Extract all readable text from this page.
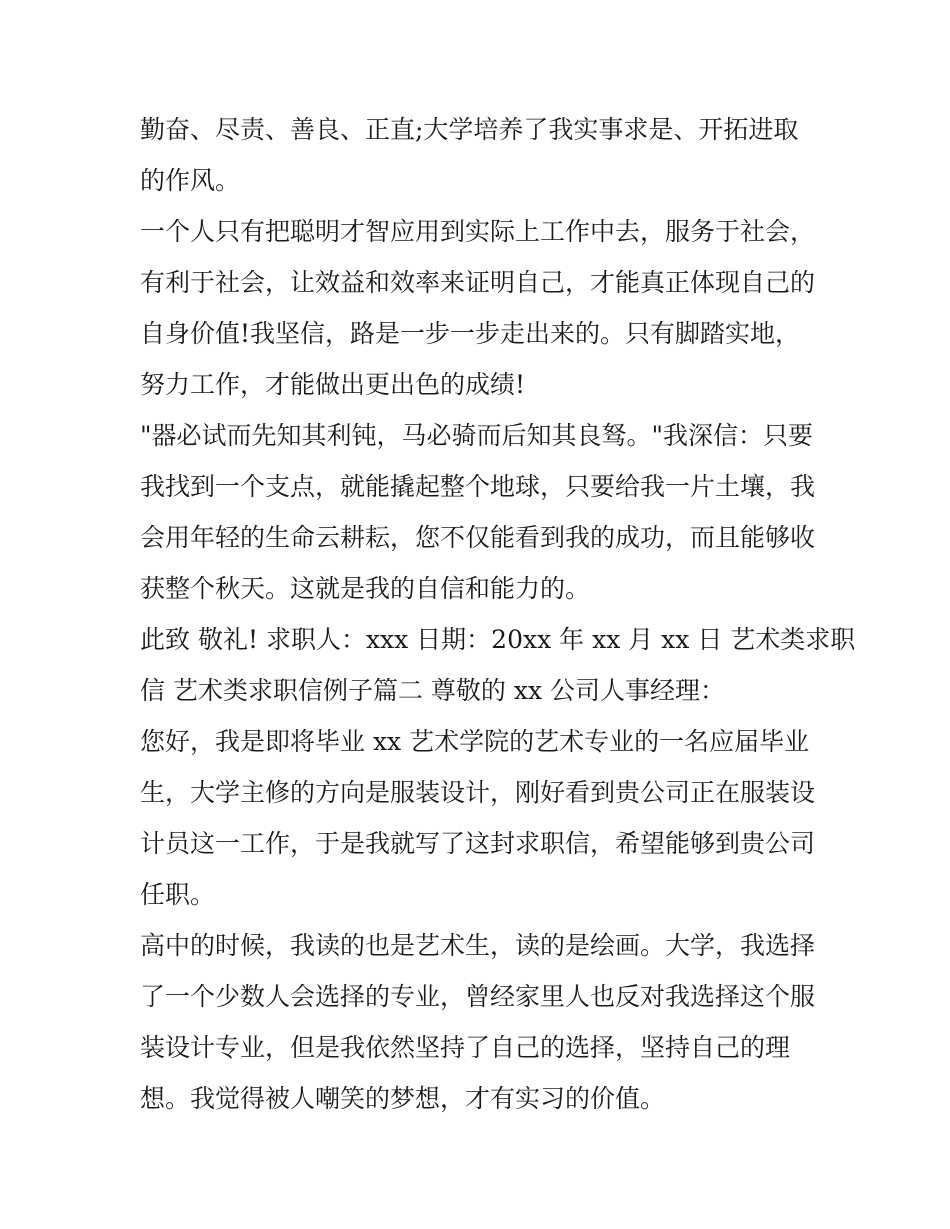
勤奋、尽责、善良、正直;大学培养了我实事求是、开拓进取
的作风。
一个人只有把聪明才智应用到实际上工作中去，服务于社会，
有利于社会，让效益和效率来证明自己，才能真正体现自己的
自身价值!我坚信，路是一步一步走出来的。只有脚踏实地，
努力工作，才能做出更出色的成绩!
"器必试而先知其利钝，马必骑而后知其良驽。"我深信：只要
我找到一个支点，就能撬起整个地球，只要给我一片土壤，我
会用年轻的生命云耕耘，您不仅能看到我的成功，而且能够收
获整个秋天。这就是我的自信和能力的。
此致 敬礼! 求职人：xxx 日期：20xx 年 xx 月 xx 日 艺术类求职
信 艺术类求职信例子篇二 尊敬的 xx 公司人事经理：
您好，我是即将毕业 xx 艺术学院的艺术专业的一名应届毕业
生，大学主修的方向是服装设计，刚好看到贵公司正在服装设
计员这一工作，于是我就写了这封求职信，希望能够到贵公司
任职。
高中的时候，我读的也是艺术生，读的是绘画。大学，我选择
了一个少数人会选择的专业，曾经家里人也反对我选择这个服
装设计专业，但是我依然坚持了自己的选择，坚持自己的理
想。我觉得被人嘲笑的梦想，才有实习的价值。
